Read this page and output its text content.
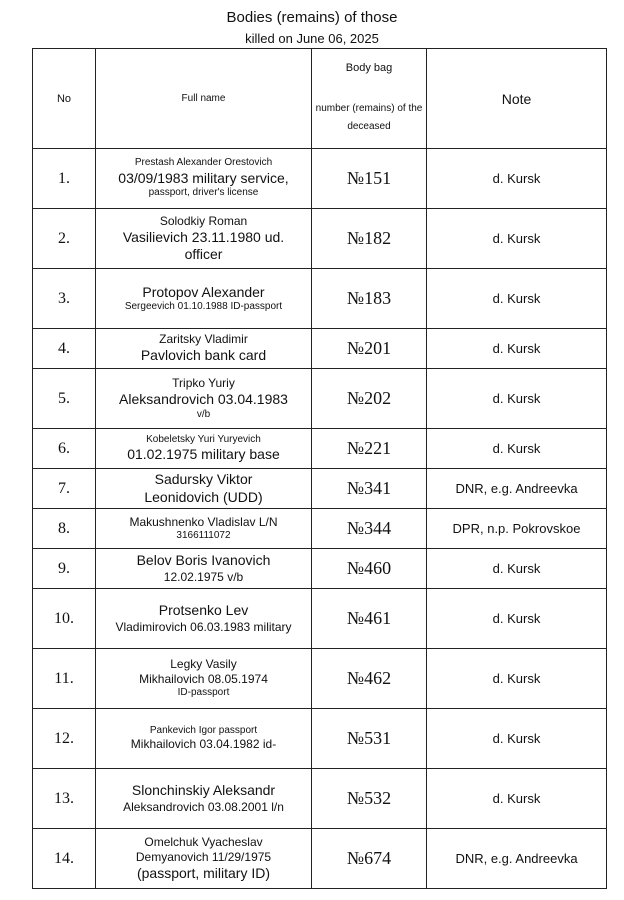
Bodies (remains) of those
killed on June 06, 2025
No	Full name	Body bag
number (remains) of the deceased	Note
1.	Prestash Alexander Orestovich
03/09/1983 military service,
passport, driver's license	№151	d. Kursk
2.	Solodkiy Roman
Vasilievich 23.11.1980 ud.
officer	№182	d. Kursk
3.	Protopov Alexander
Sergeevich 01.10.1988 ID-passport	№183	d. Kursk
4.	Zaritsky Vladimir
Pavlovich bank card	№201	d. Kursk
5.	Tripko Yuriy
Aleksandrovich 03.04.1983
v/b	№202	d. Kursk
6.	Kobeletsky Yuri Yuryevich
01.02.1975 military base	№221	d. Kursk
7.	Sadursky Viktor
Leonidovich (UDD)	№341	DNR, e.g. Andreevka
8.	Makushnenko Vladislav L/N
3166111072	№344	DPR, n.p. Pokrovskoe
9.	Belov Boris Ivanovich
12.02.1975 v/b	№460	d. Kursk
10.	Protsenko Lev
Vladimirovich 06.03.1983 military	№461	d. Kursk
11.	Legky Vasily
Mikhailovich 08.05.1974
ID-passport	№462	d. Kursk
12.	Pankevich Igor passport
Mikhailovich 03.04.1982 id-	№531	d. Kursk
13.	Slonchinskiy Aleksandr
Aleksandrovich 03.08.2001 l/n	№532	d. Kursk
14.	Omelchuk Vyacheslav
Demyanovich 11/29/1975
(passport, military ID)	№674	DNR, e.g. Andreevka
